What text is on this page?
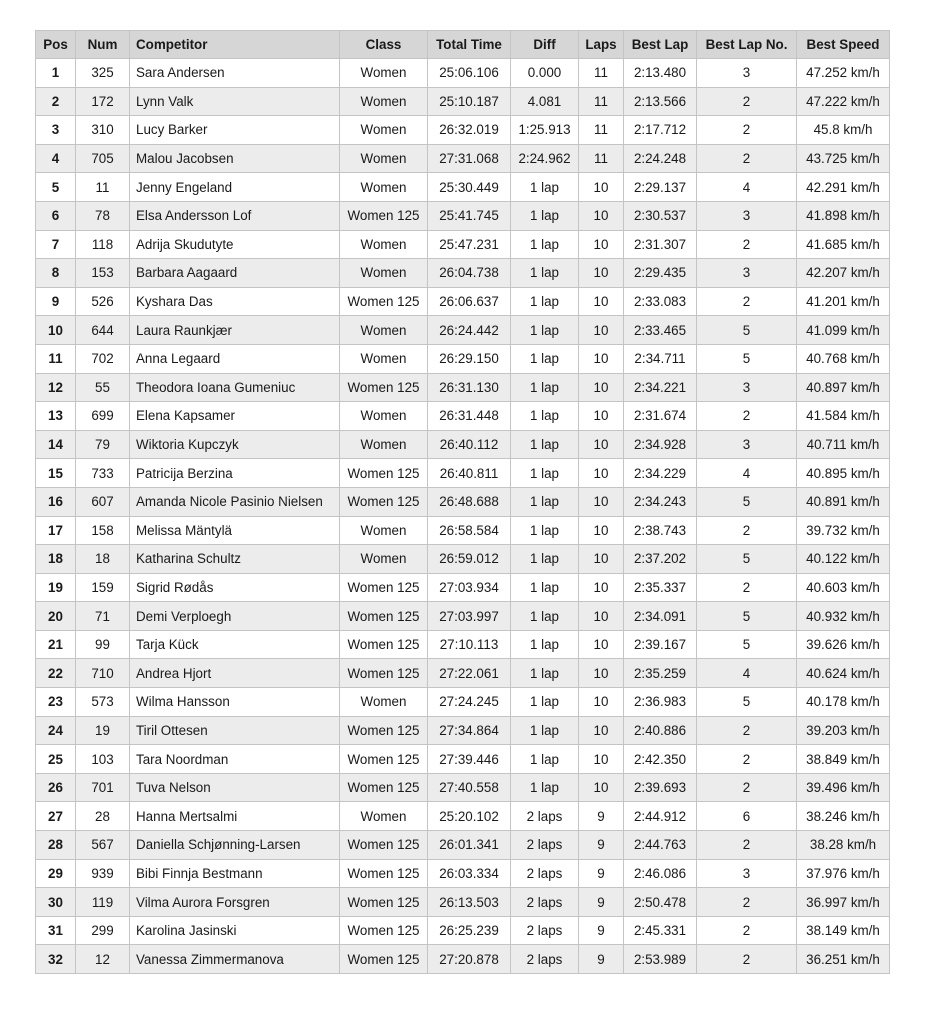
Pos	Num	Competitor	Class	Total Time	Diff	Laps	Best Lap	Best Lap No.	Best Speed
1	325	Sara Andersen	Women	25:06.106	0.000	11	2:13.480	3	47.252 km/h
2	172	Lynn Valk	Women	25:10.187	4.081	11	2:13.566	2	47.222 km/h
3	310	Lucy Barker	Women	26:32.019	1:25.913	11	2:17.712	2	45.8 km/h
4	705	Malou Jacobsen	Women	27:31.068	2:24.962	11	2:24.248	2	43.725 km/h
5	11	Jenny Engeland	Women	25:30.449	1 lap	10	2:29.137	4	42.291 km/h
6	78	Elsa Andersson Lof	Women 125	25:41.745	1 lap	10	2:30.537	3	41.898 km/h
7	118	Adrija Skudutyte	Women	25:47.231	1 lap	10	2:31.307	2	41.685 km/h
8	153	Barbara Aagaard	Women	26:04.738	1 lap	10	2:29.435	3	42.207 km/h
9	526	Kyshara Das	Women 125	26:06.637	1 lap	10	2:33.083	2	41.201 km/h
10	644	Laura Raunkjær	Women	26:24.442	1 lap	10	2:33.465	5	41.099 km/h
11	702	Anna Legaard	Women	26:29.150	1 lap	10	2:34.711	5	40.768 km/h
12	55	Theodora Ioana Gumeniuc	Women 125	26:31.130	1 lap	10	2:34.221	3	40.897 km/h
13	699	Elena Kapsamer	Women	26:31.448	1 lap	10	2:31.674	2	41.584 km/h
14	79	Wiktoria Kupczyk	Women	26:40.112	1 lap	10	2:34.928	3	40.711 km/h
15	733	Patricija Berzina	Women 125	26:40.811	1 lap	10	2:34.229	4	40.895 km/h
16	607	Amanda Nicole Pasinio Nielsen	Women 125	26:48.688	1 lap	10	2:34.243	5	40.891 km/h
17	158	Melissa Mäntylä	Women	26:58.584	1 lap	10	2:38.743	2	39.732 km/h
18	18	Katharina Schultz	Women	26:59.012	1 lap	10	2:37.202	5	40.122 km/h
19	159	Sigrid Rødås	Women 125	27:03.934	1 lap	10	2:35.337	2	40.603 km/h
20	71	Demi Verploegh	Women 125	27:03.997	1 lap	10	2:34.091	5	40.932 km/h
21	99	Tarja Kück	Women 125	27:10.113	1 lap	10	2:39.167	5	39.626 km/h
22	710	Andrea Hjort	Women 125	27:22.061	1 lap	10	2:35.259	4	40.624 km/h
23	573	Wilma Hansson	Women	27:24.245	1 lap	10	2:36.983	5	40.178 km/h
24	19	Tiril Ottesen	Women 125	27:34.864	1 lap	10	2:40.886	2	39.203 km/h
25	103	Tara Noordman	Women 125	27:39.446	1 lap	10	2:42.350	2	38.849 km/h
26	701	Tuva Nelson	Women 125	27:40.558	1 lap	10	2:39.693	2	39.496 km/h
27	28	Hanna Mertsalmi	Women	25:20.102	2 laps	9	2:44.912	6	38.246 km/h
28	567	Daniella Schjønning-Larsen	Women 125	26:01.341	2 laps	9	2:44.763	2	38.28 km/h
29	939	Bibi Finnja Bestmann	Women 125	26:03.334	2 laps	9	2:46.086	3	37.976 km/h
30	119	Vilma Aurora Forsgren	Women 125	26:13.503	2 laps	9	2:50.478	2	36.997 km/h
31	299	Karolina Jasinski	Women 125	26:25.239	2 laps	9	2:45.331	2	38.149 km/h
32	12	Vanessa Zimmermanova	Women 125	27:20.878	2 laps	9	2:53.989	2	36.251 km/h
